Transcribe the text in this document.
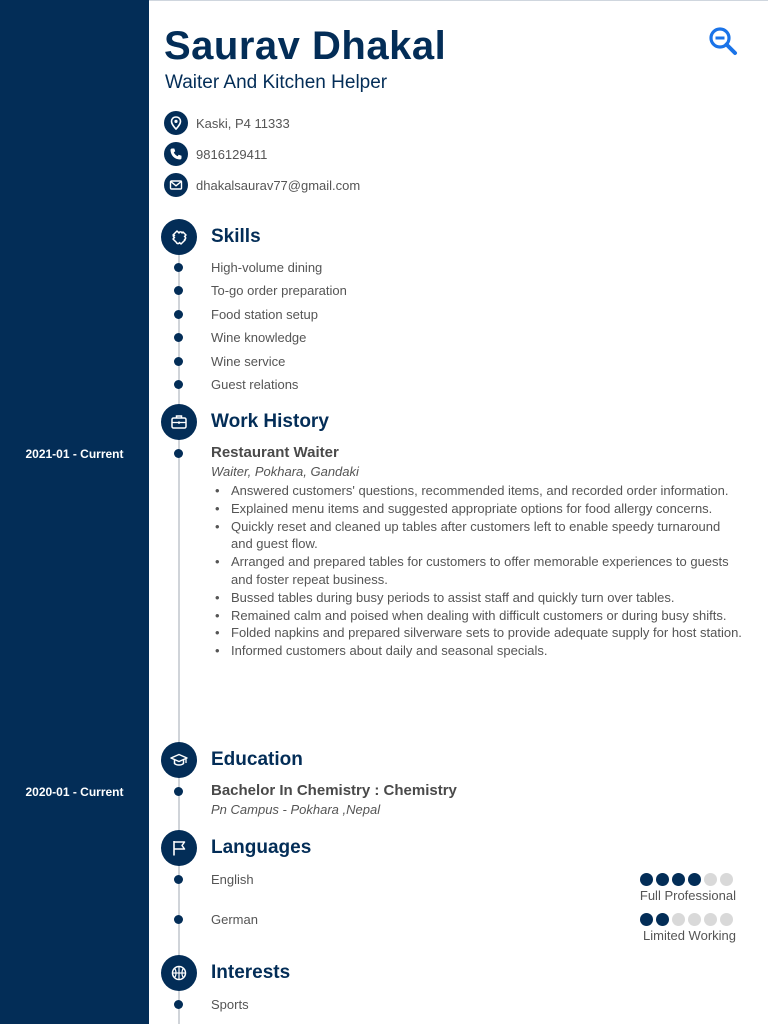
Saurav Dhakal
Waiter And Kitchen Helper
Kaski, P4 11333
9816129411
dhakalsaurav77@gmail.com
Skills
High-volume dining
To-go order preparation
Food station setup
Wine knowledge
Wine service
Guest relations
Work History
2021-01 - Current	Restaurant Waiter
Waiter, Pokhara, Gandaki
• Answered customers' questions, recommended items, and recorded order information.
• Explained menu items and suggested appropriate options for food allergy concerns.
• Quickly reset and cleaned up tables after customers left to enable speedy turnaround and guest flow.
• Arranged and prepared tables for customers to offer memorable experiences to guests and foster repeat business.
• Bussed tables during busy periods to assist staff and quickly turn over tables.
• Remained calm and poised when dealing with difficult customers or during busy shifts.
• Folded napkins and prepared silverware sets to provide adequate supply for host station.
• Informed customers about daily and seasonal specials.
Education
2020-01 - Current	Bachelor In Chemistry : Chemistry
Pn Campus - Pokhara ,Nepal
Languages
English
Full Professional
German
Limited Working
Interests
Sports
